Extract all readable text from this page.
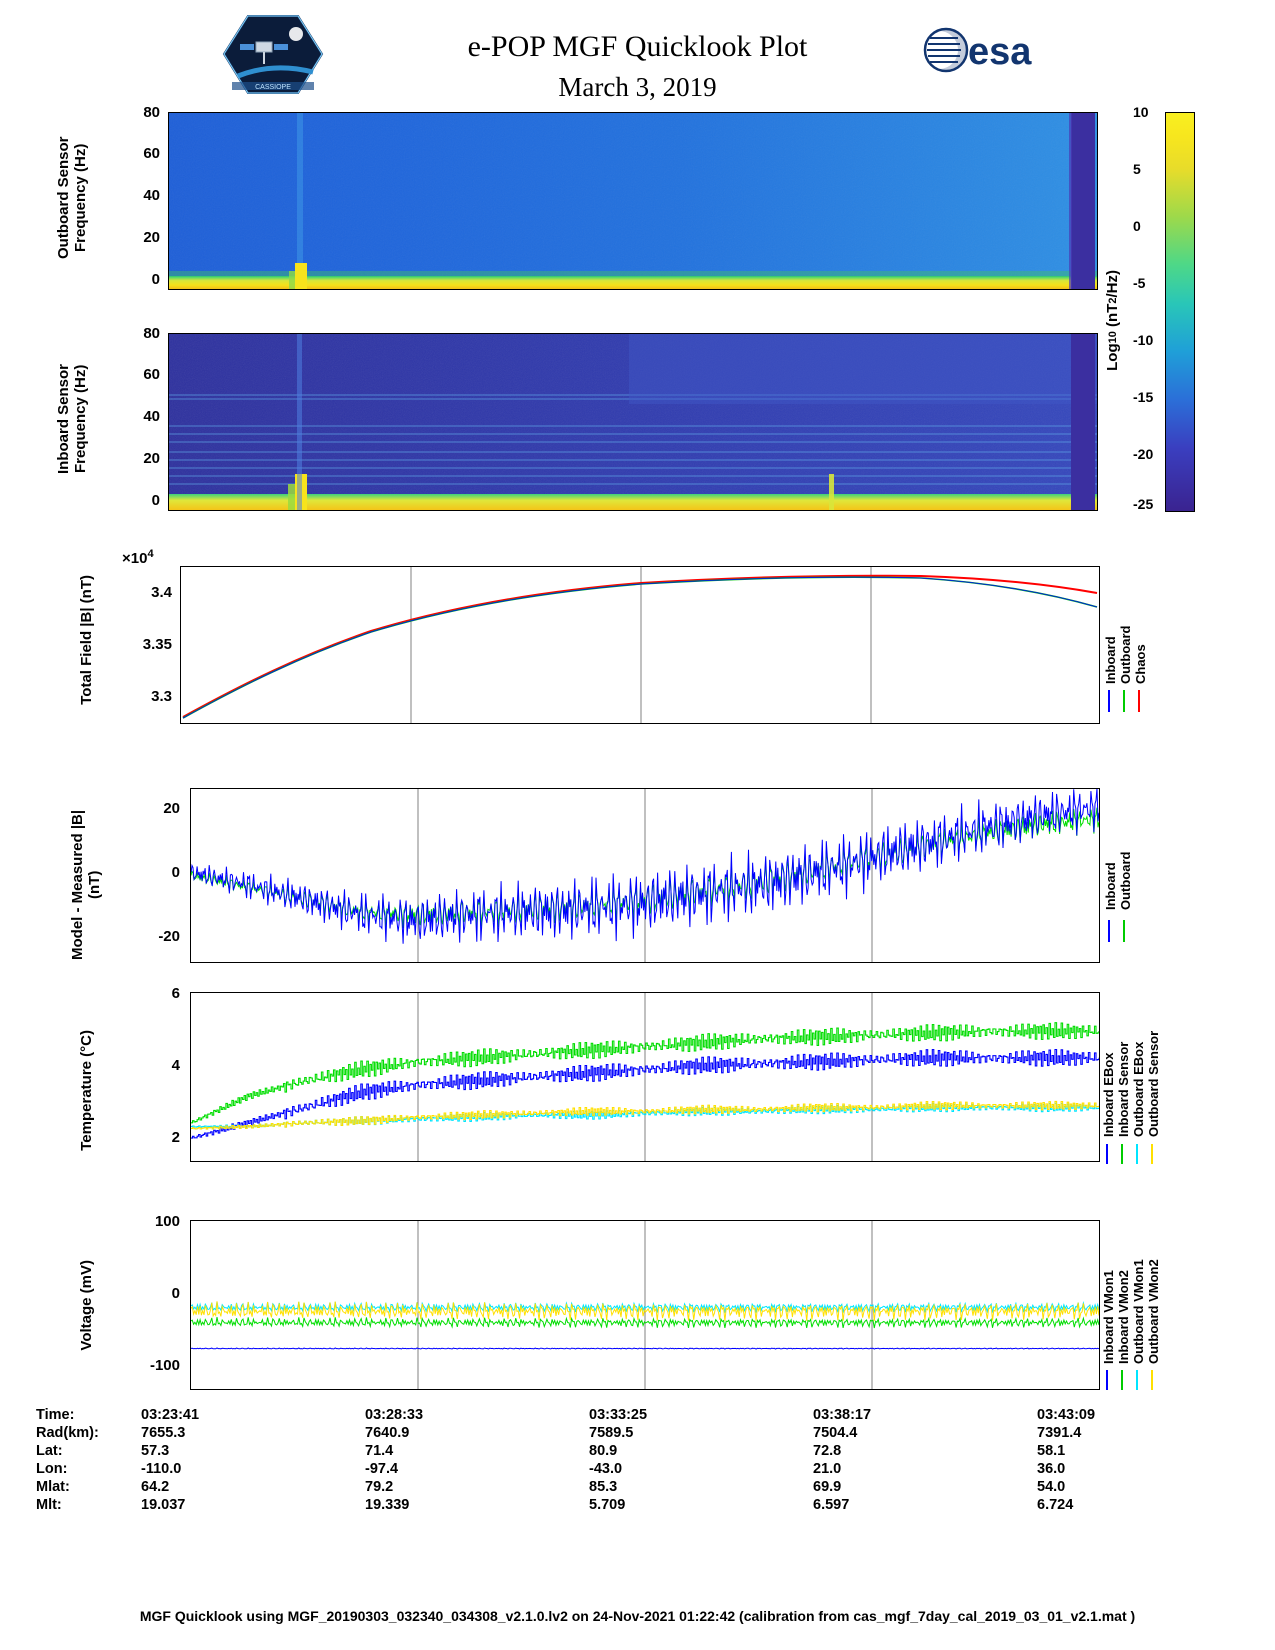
CASSIOPE
esa
e-POP MGF Quicklook Plot
March 3, 2019
Outboard Sensor Frequency (Hz)
80
60
40
20
0
Inboard Sensor Frequency (Hz)
80
60
40
20
0
10
5
0
-5
-10
-15
-20
-25
Log10 (nT2/Hz)
Total Field |B| (nT)
$\times 10^4$
3.4
3.35
3.3
Inboard Outboard Chaos
Model - Measured |B| (nT)
20
0
-20
Inboard Outboard
Temperature (°C)
6
4
2
Inboard EBox Inboard Sensor Outboard EBox Outboard Sensor
Voltage (mV)
100
0
-100
Inboard VMon1 Inboard VMon2 Outboard VMon1 Outboard VMon2
Time:	03:23:41	03:28:33	03:33:25	03:38:17	03:43:09
Rad(km):	7655.3	7640.9	7589.5	7504.4	7391.4
Lat:	57.3	71.4	80.9	72.8	58.1
Lon:	-110.0	-97.4	-43.0	21.0	36.0
Mlat:	64.2	79.2	85.3	69.9	54.0
Mlt:	19.037	19.339	5.709	6.597	6.724
MGF Quicklook using MGF_20190303_032340_034308_v2.1.0.lv2 on 24-Nov-2021 01:22:42 (calibration from cas_mgf_7day_cal_2019_03_01_v2.1.mat )
